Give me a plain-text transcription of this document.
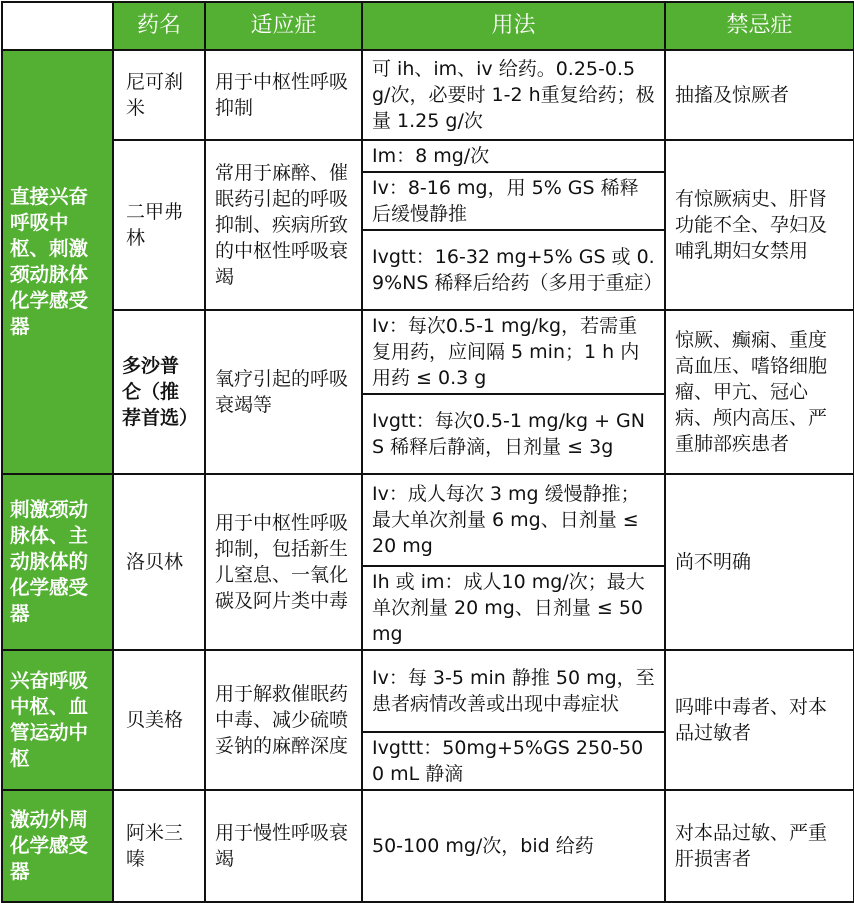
	药名	适应症	用法	禁忌症
直接兴奋呼吸中枢、刺激颈动脉体化学感受器	尼可刹米	用于中枢性呼吸抑制	可 ih、im、iv 给药。0.25-0.5 g/次，必要时 1-2 h重复给药；极量 1.25 g/次	抽搐及惊厥者
	二甲弗林	常用于麻醉、催眠药引起的呼吸抑制、疾病所致的中枢性呼吸衰竭	Im：8 mg/次	有惊厥病史、肝肾功能不全、孕妇及哺乳期妇女禁用
			Iv：8-16 mg，用 5% GS 稀释后缓慢静推	
			Ivgtt：16-32 mg+5% GS 或 0.9%NS 稀释后给药（多用于重症）	
	多沙普仑（推荐首选）	氧疗引起的呼吸衰竭等	Iv：每次0.5-1 mg/kg，若需重复用药，应间隔 5 min；1 h 内用药 ≤ 0.3 g	惊厥、癫痫、重度高血压、嗜铬细胞瘤、甲亢、冠心病、颅内高压、严重肺部疾患者
			Ivgtt：每次0.5-1 mg/kg + GNS 稀释后静滴，日剂量 ≤ 3g	
刺激颈动脉体、主动脉体的化学感受器	洛贝林	用于中枢性呼吸抑制，包括新生儿窒息、一氧化碳及阿片类中毒	Iv：成人每次 3 mg 缓慢静推；最大单次剂量 6 mg、日剂量 ≤ 20 mg	尚不明确
			Ih 或 im：成人10 mg/次；最大单次剂量 20 mg、日剂量 ≤ 50mg	
兴奋呼吸中枢、血管运动中枢	贝美格	用于解救催眠药中毒、减少硫喷妥钠的麻醉深度	Iv：每 3-5 min 静推 50 mg，至患者病情改善或出现中毒症状	吗啡中毒者、对本品过敏者
			Ivgttt：50mg+5%GS 250-500 mL 静滴	
激动外周化学感受器	阿米三嗪	用于慢性呼吸衰竭	50-100 mg/次，bid 给药	对本品过敏、严重肝损害者
